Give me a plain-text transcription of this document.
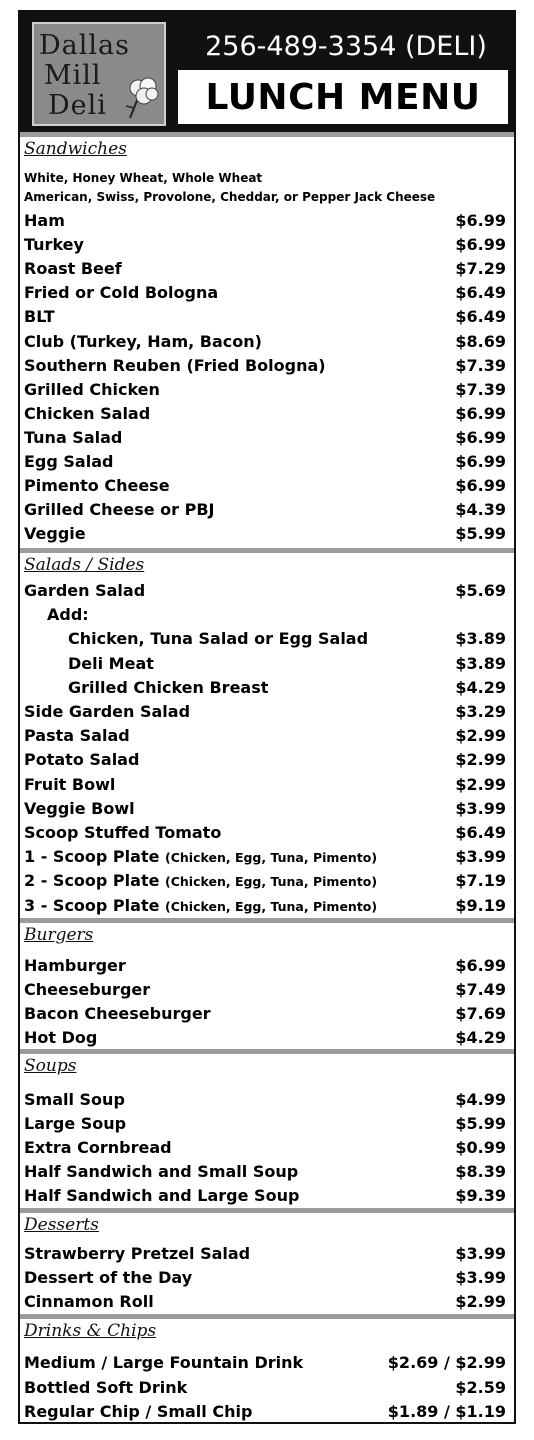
Dallas
Mill
Deli
256-489-3354 (DELI)
LUNCH MENU
Sandwiches
White, Honey Wheat, Whole Wheat
American, Swiss, Provolone, Cheddar, or Pepper Jack Cheese
Ham	$6.99
Turkey	$6.99
Roast Beef	$7.29
Fried or Cold Bologna	$6.49
BLT	$6.49
Club (Turkey, Ham, Bacon)	$8.69
Southern Reuben (Fried Bologna)	$7.39
Grilled Chicken	$7.39
Chicken Salad	$6.99
Tuna Salad	$6.99
Egg Salad	$6.99
Pimento Cheese	$6.99
Grilled Cheese or PBJ	$4.39
Veggie	$5.99
Salads / Sides
Garden Salad	$5.69
Add:
Chicken, Tuna Salad or Egg Salad	$3.89
Deli Meat	$3.89
Grilled Chicken Breast	$4.29
Side Garden Salad	$3.29
Pasta Salad	$2.99
Potato Salad	$2.99
Fruit Bowl	$2.99
Veggie Bowl	$3.99
Scoop Stuffed Tomato	$6.49
1 - Scoop Plate (Chicken, Egg, Tuna, Pimento)	$3.99
2 - Scoop Plate (Chicken, Egg, Tuna, Pimento)	$7.19
3 - Scoop Plate (Chicken, Egg, Tuna, Pimento)	$9.19
Burgers
Hamburger	$6.99
Cheeseburger	$7.49
Bacon Cheeseburger	$7.69
Hot Dog	$4.29
Soups
Small Soup	$4.99
Large Soup	$5.99
Extra Cornbread	$0.99
Half Sandwich and Small Soup	$8.39
Half Sandwich and Large Soup	$9.39
Desserts
Strawberry Pretzel Salad	$3.99
Dessert of the Day	$3.99
Cinnamon Roll	$2.99
Drinks & Chips
Medium / Large Fountain Drink	$2.69 / $2.99
Bottled Soft Drink	$2.59
Regular Chip / Small Chip	$1.89 / $1.19
